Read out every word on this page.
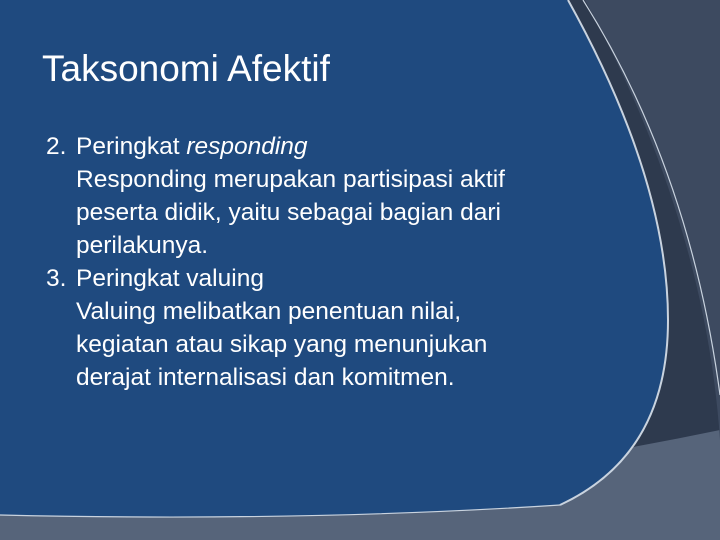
Taksonomi Afektif
2. Peringkat responding
Responding merupakan partisipasi aktif
peserta didik, yaitu sebagai bagian dari
perilakunya.
3. Peringkat valuing
Valuing melibatkan penentuan nilai,
kegiatan atau sikap yang menunjukan
derajat internalisasi dan komitmen.
